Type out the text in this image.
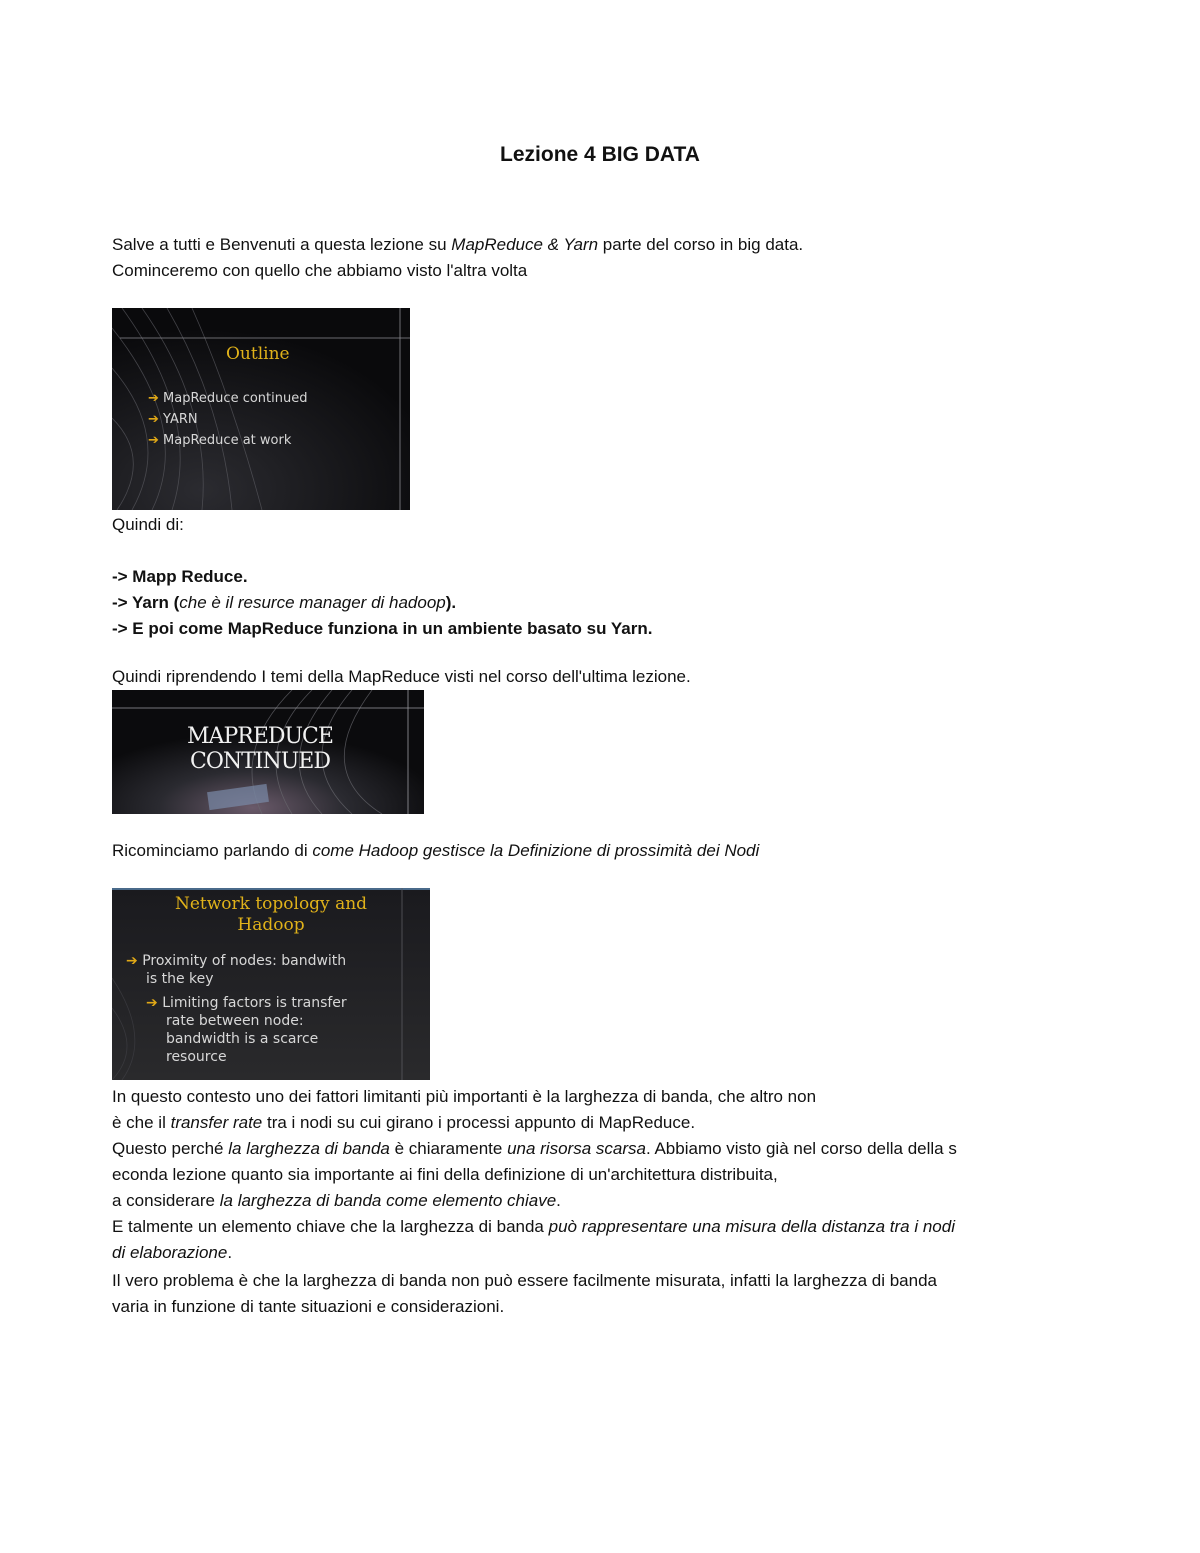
Lezione 4 BIG DATA
Salve a tutti e Benvenuti a questa lezione su MapReduce & Yarn parte del corso in big data.
Cominceremo con quello che abbiamo visto l'altra volta
Outline
➔ MapReduce continued
➔ YARN
➔ MapReduce at work
Quindi di:
-> Mapp Reduce.
-> Yarn (che è il resurce manager di hadoop).
-> E poi come MapReduce funziona in un ambiente basato su Yarn.
Quindi riprendendo I temi della MapReduce visti nel corso dell'ultima lezione.
MAPREDUCE
CONTINUED
Ricominciamo parlando di come Hadoop gestisce la Definizione di prossimità dei Nodi
Network topology and
Hadoop
➔ Proximity of nodes: bandwith
is the key
➔ Limiting factors is transfer
rate between node:
bandwidth is a scarce
resource
In questo contesto uno dei fattori limitanti più importanti è la larghezza di banda, che altro non
è che il transfer rate tra i nodi su cui girano i processi appunto di MapReduce.
Questo perché la larghezza di banda è chiaramente una risorsa scarsa. Abbiamo visto già nel corso della della s
econda lezione quanto sia importante ai fini della definizione di un'architettura distribuita,
a considerare la larghezza di banda come elemento chiave.
E talmente un elemento chiave che la larghezza di banda può rappresentare una misura della distanza tra i nodi
di elaborazione.
Il vero problema è che la larghezza di banda non può essere facilmente misurata, infatti la larghezza di banda
varia in funzione di tante situazioni e considerazioni.
